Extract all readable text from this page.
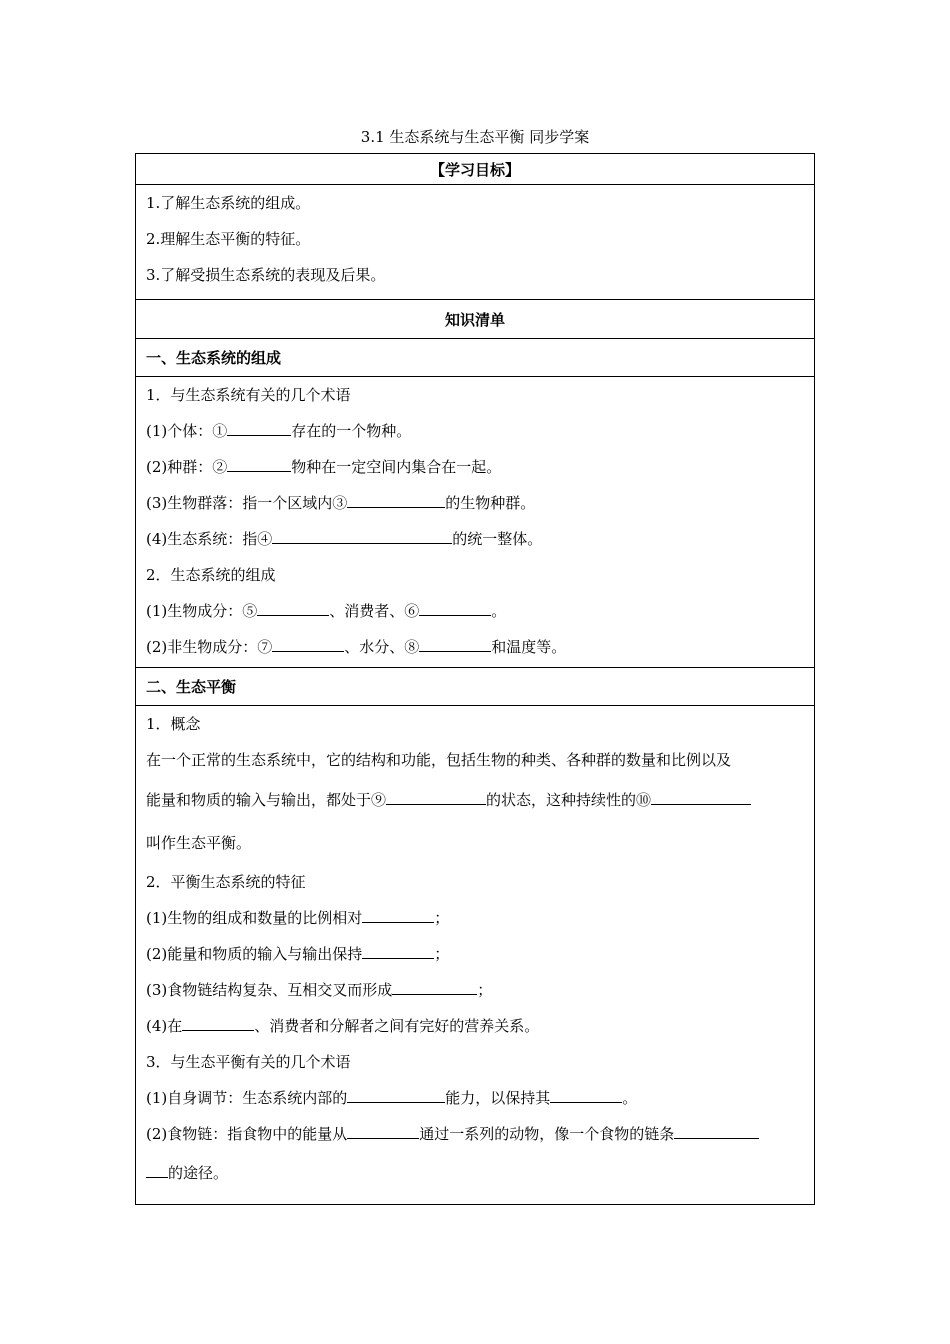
3.1 生态系统与生态平衡 同步学案
【学习目标】

1.了解生态系统的组成。
2.理解生态平衡的特征。
3.了解受损生态系统的表现及后果。

知识清单
一、生态系统的组成

1．与生态系统有关的几个术语
(1)个体：①	存在的一个物种。
(2)种群：②	物种在一定空间内集合在一起。
(3)生物群落：指一个区域内③	的生物种群。
(4)生态系统：指④	的统一整体。
2．生态系统的组成
(1)生物成分：⑤	、消费者、⑥	。
(2)非生物成分：⑦	、水分、⑧	和温度等。

二、生态平衡

1．概念
在一个正常的生态系统中，它的结构和功能，包括生物的种类、各种群的数量和比例以及
能量和物质的输入与输出，都处于⑨	的状态，这种持续性的⑩
叫作生态平衡。
2．平衡生态系统的特征
(1)生物的组成和数量的比例相对	；
(2)能量和物质的输入与输出保持	；
(3)食物链结构复杂、互相交叉而形成	；
(4)在	、消费者和分解者之间有完好的营养关系。
3．与生态平衡有关的几个术语
(1)自身调节：生态系统内部的	能力，以保持其	。
(2)食物链：指食物中的能量从	通过一系列的动物，像一个食物的链条
的途径。
